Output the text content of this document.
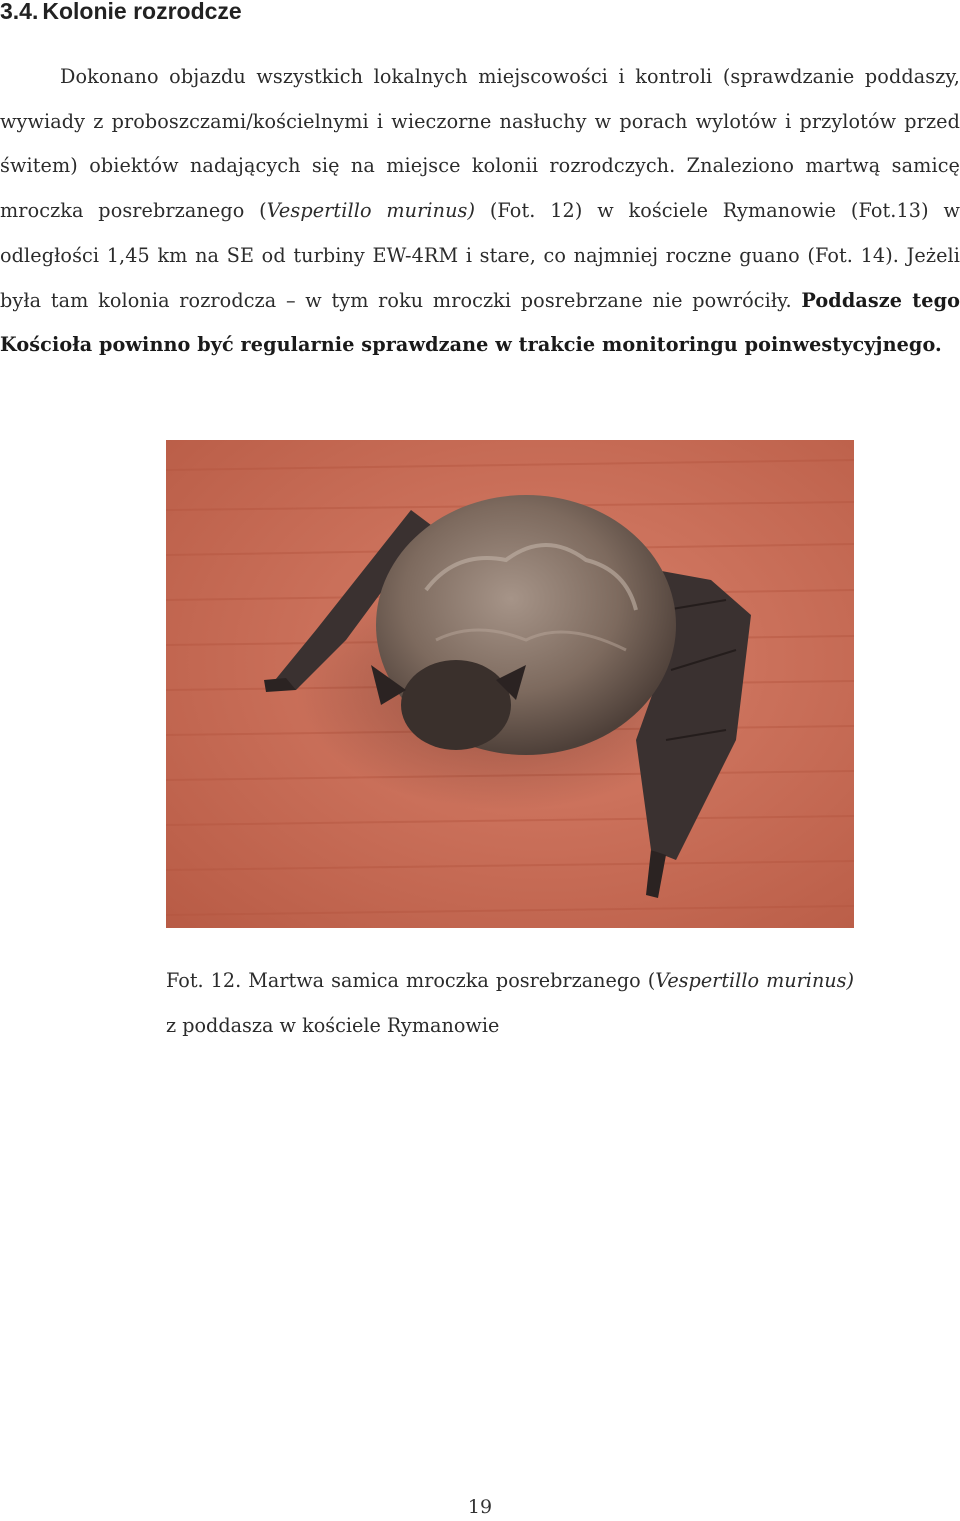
3.4. Kolonie rozrodcze

Dokonano objazdu wszystkich lokalnych miejscowości i kontroli (sprawdzanie poddaszy, wywiady z proboszczami/kościelnymi i wieczorne nasłuchy w porach wylotów i przylotów przed świtem) obiektów nadających się na miejsce kolonii rozrodczych. Znaleziono martwą samicę mroczka posrebrzanego (Vespertillo murinus) (Fot. 12) w kościele Rymanowie (Fot.13) w odległości 1,45 km na SE od turbiny EW-4RM i stare, co najmniej roczne guano (Fot. 14). Jeżeli była tam kolonia rozrodcza – w tym roku mroczki posrebrzane nie powróciły. Poddasze tego Kościoła powinno być regularnie sprawdzane w trakcie monitoringu poinwestycyjnego.

Fot. 12. Martwa samica mroczka posrebrzanego (Vespertillo murinus) z poddasza w kościele Rymanowie

19
